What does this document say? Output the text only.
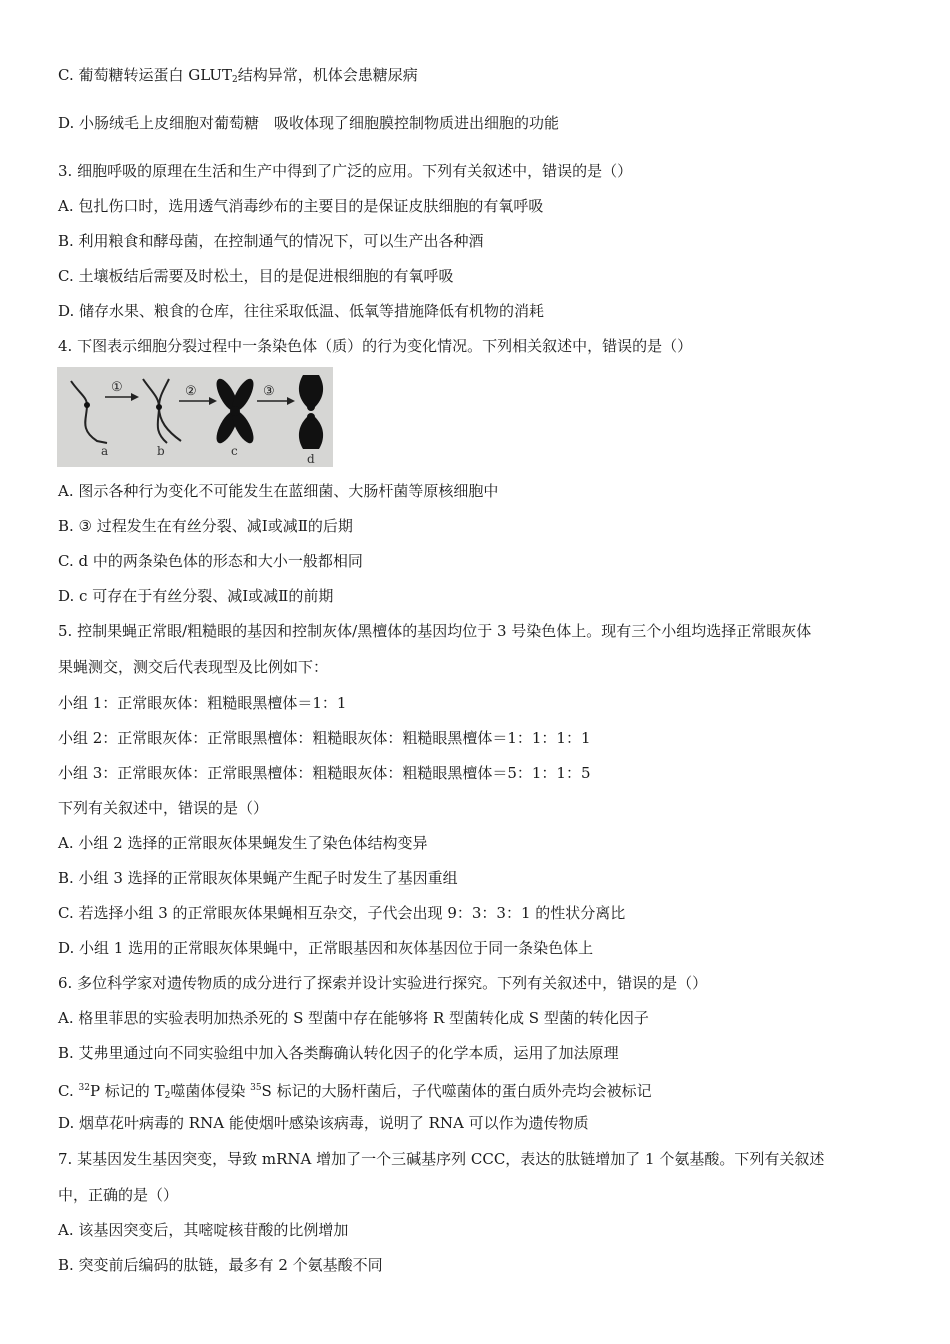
C. 葡萄糖转运蛋白 $GLUT_2$结构异常，机体会患糖尿病
D. 小肠绒毛上皮细胞对葡萄糖　吸收体现了细胞膜控制物质进出细胞的功能
3. 细胞呼吸的原理在生活和生产中得到了广泛的应用。下列有关叙述中，错误的是（）
A. 包扎伤口时，选用透气消毒纱布的主要目的是保证皮肤细胞的有氧呼吸
B. 利用粮食和酵母菌，在控制通气的情况下，可以生产出各种酒
C. 土壤板结后需要及时松土，目的是促进根细胞的有氧呼吸
D. 储存水果、粮食的仓库，往往采取低温、低氧等措施降低有机物的消耗
4. 下图表示细胞分裂过程中一条染色体（质）的行为变化情况。下列相关叙述中，错误的是（）
a
①
b
②
c
③
d
A. 图示各种行为变化不可能发生在蓝细菌、大肠杆菌等原核细胞中
B. ③ 过程发生在有丝分裂、减Ⅰ或减Ⅱ的后期
C. d 中的两条染色体的形态和大小一般都相同
D. c 可存在于有丝分裂、减Ⅰ或减Ⅱ的前期
5. 控制果蝇正常眼/粗糙眼的基因和控制灰体/黑檀体的基因均位于 3 号染色体上。现有三个小组均选择正常眼灰体
果蝇测交，测交后代表现型及比例如下：
小组 1：正常眼灰体：粗糙眼黑檀体＝1：1
小组 2：正常眼灰体：正常眼黑檀体：粗糙眼灰体：粗糙眼黑檀体＝1：1：1：1
小组 3：正常眼灰体：正常眼黑檀体：粗糙眼灰体：粗糙眼黑檀体＝5：1：1：5
下列有关叙述中，错误的是（）
A. 小组 2 选择的正常眼灰体果蝇发生了染色体结构变异
B. 小组 3 选择的正常眼灰体果蝇产生配子时发生了基因重组
C. 若选择小组 3 的正常眼灰体果蝇相互杂交，子代会出现 9：3：3：1 的性状分离比
D. 小组 1 选用的正常眼灰体果蝇中，正常眼基因和灰体基因位于同一条染色体上
6. 多位科学家对遗传物质的成分进行了探索并设计实验进行探究。下列有关叙述中，错误的是（）
A. 格里菲思的实验表明加热杀死的 S 型菌中存在能够将 R 型菌转化成 S 型菌的转化因子
B. 艾弗里通过向不同实验组中加入各类酶确认转化因子的化学本质，运用了加法原理
C. $^{32}$P 标记的 $T_2$噬菌体侵染 $^{35}$S 标记的大肠杆菌后，子代噬菌体的蛋白质外壳均会被标记
D. 烟草花叶病毒的 RNA 能使烟叶感染该病毒，说明了 RNA 可以作为遗传物质
7. 某基因发生基因突变，导致 mRNA 增加了一个三碱基序列 CCC，表达的肽链增加了 1 个氨基酸。下列有关叙述
中，正确的是（）
A. 该基因突变后，其嘧啶核苷酸的比例增加
B. 突变前后编码的肽链，最多有 2 个氨基酸不同
